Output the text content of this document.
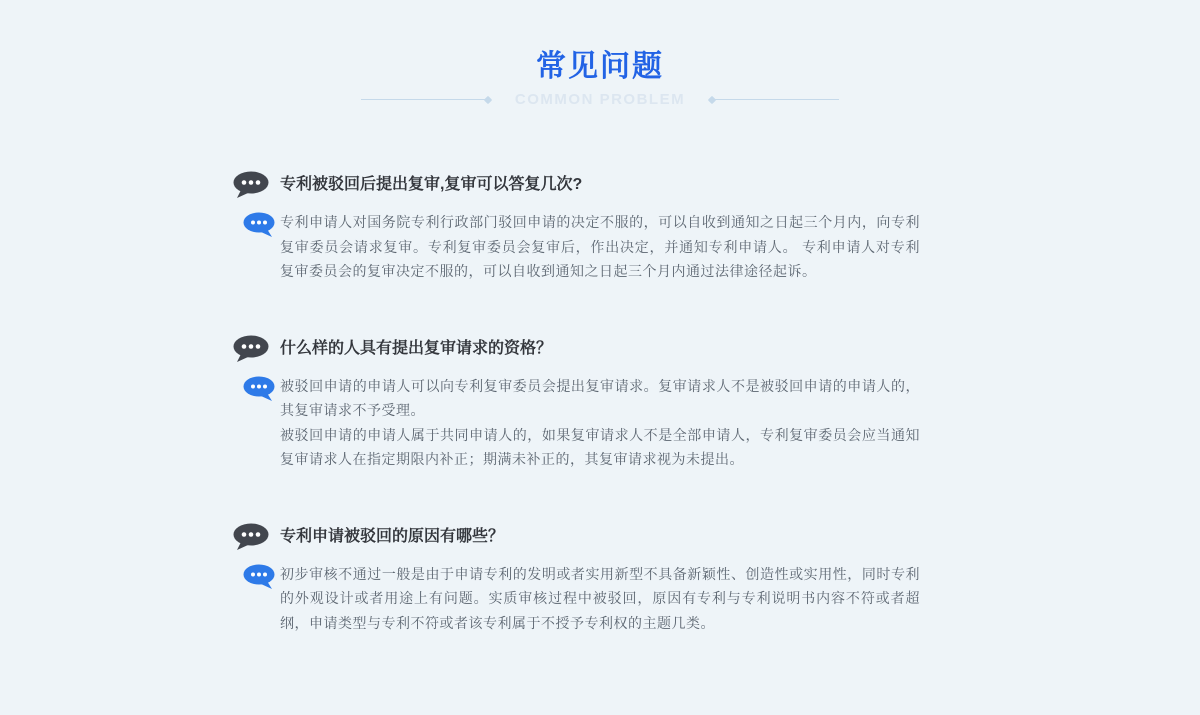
常见问题
COMMON PROBLEM
专利被驳回后提出复审,复审可以答复几次?

专利申请人对国务院专利行政部门驳回申请的决定不服的，可以自收到通知之日起三个月内，向专利复审委员会请求复审。专利复审委员会复审后，作出决定，并通知专利申请人。 专利申请人对专利复审委员会的复审决定不服的，可以自收到通知之日起三个月内通过法律途径起诉。

什么样的人具有提出复审请求的资格？

被驳回申请的申请人可以向专利复审委员会提出复审请求。复审请求人不是被驳回申请的申请人的，其复审请求不予受理。

被驳回申请的申请人属于共同申请人的，如果复审请求人不是全部申请人，专利复审委员会应当通知复审请求人在指定期限内补正；期满未补正的，其复审请求视为未提出。

专利申请被驳回的原因有哪些？

初步审核不通过一般是由于申请专利的发明或者实用新型不具备新颖性、创造性或实用性，同时专利的外观设计或者用途上有问题。实质审核过程中被驳回，原因有专利与专利说明书内容不符或者超纲，申请类型与专利不符或者该专利属于不授予专利权的主题几类。
